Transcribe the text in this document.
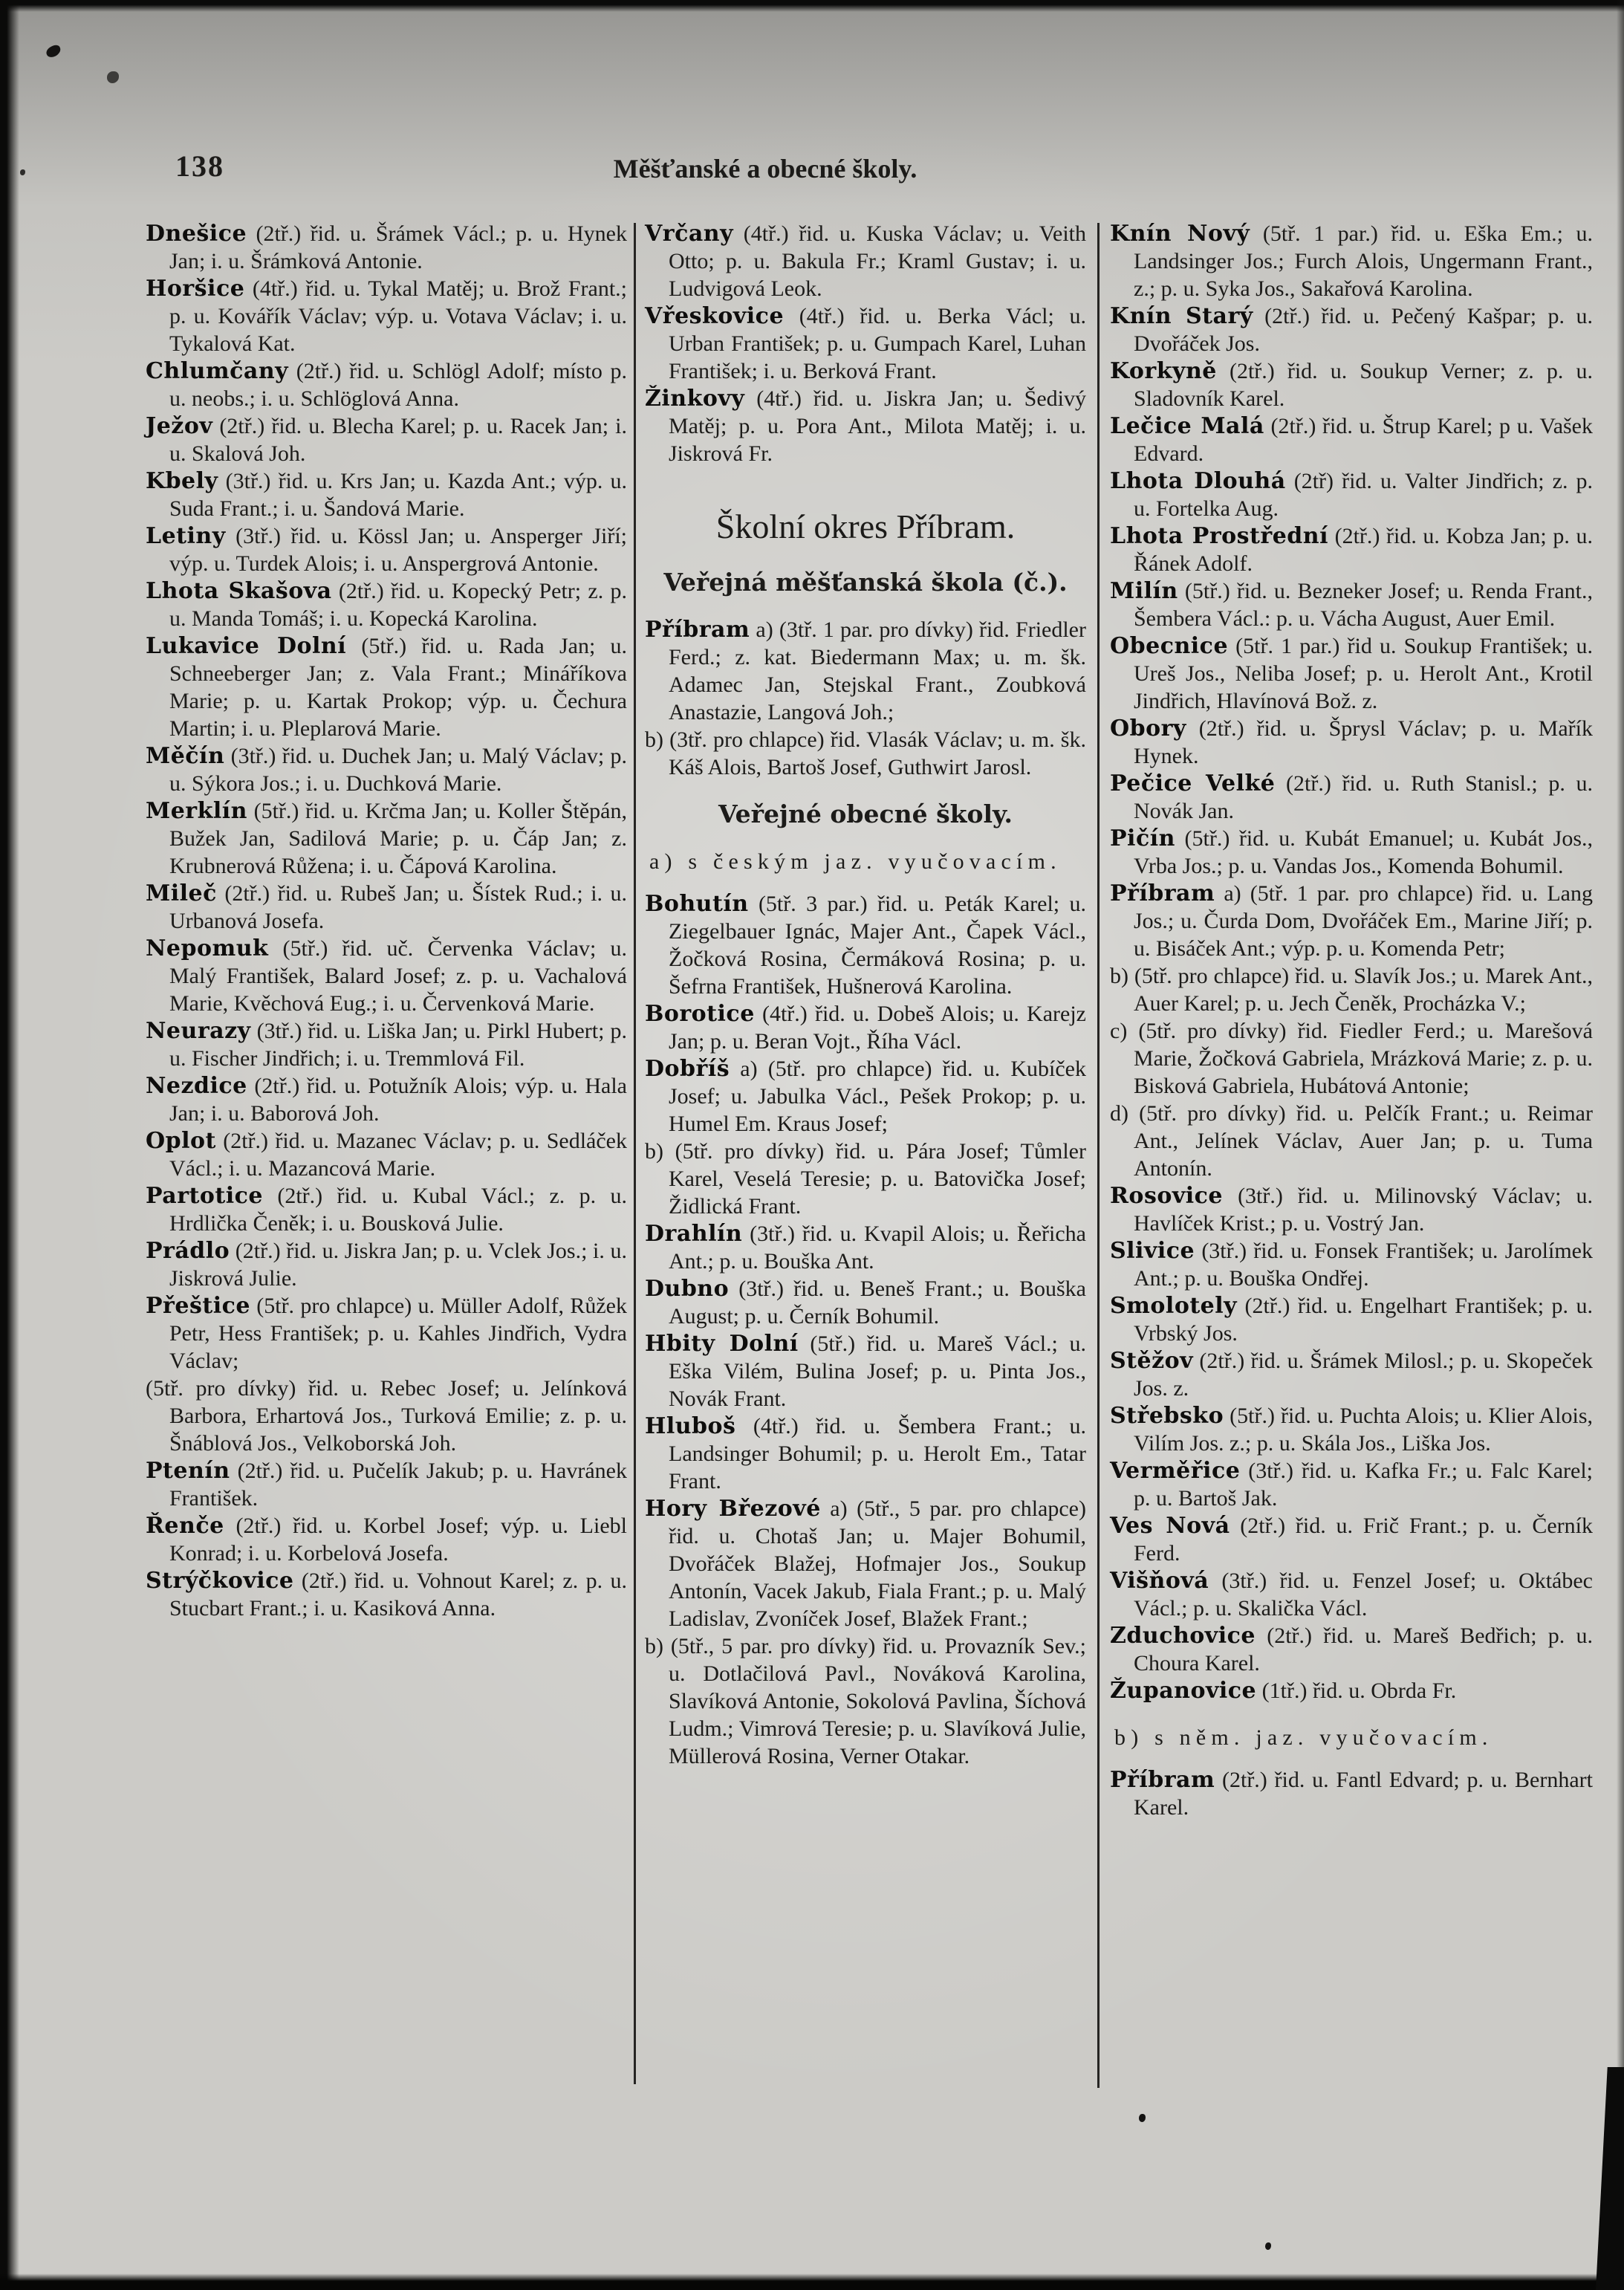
138	Měšťanské a obecné školy.

Dnešice (2tř.) řid. u. Šrámek Václ.; p. u. Hynek Jan; i. u. Šrámková Antonie.

Horšice (4tř.) řid. u. Tykal Matěj; u. Brož Frant.; p. u. Kovářík Václav; výp. u. Votava Václav; i. u. Tykalová Kat.

Chlumčany (2tř.) řid. u. Schlögl Adolf; místo p. u. neobs.; i. u. Schlöglová Anna.

Ježov (2tř.) řid. u. Blecha Karel; p. u. Racek Jan; i. u. Skalová Joh.

Kbely (3tř.) řid. u. Krs Jan; u. Kazda Ant.; výp. u. Suda Frant.; i. u. Šandová Marie.

Letiny (3tř.) řid. u. Kössl Jan; u. Ansperger Jiří; výp. u. Turdek Alois; i. u. Anspergrová Antonie.

Lhota Skašova (2tř.) řid. u. Kopecký Petr; z. p. u. Manda Tomáš; i. u. Kopecká Karolina.

Lukavice Dolní (5tř.) řid. u. Rada Jan; u. Schneeberger Jan; z. Vala Frant.; Mináříkova Marie; p. u. Kartak Prokop; výp. u. Čechura Martin; i. u. Pleplarová Marie.

Měčín (3tř.) řid. u. Duchek Jan; u. Malý Václav; p. u. Sýkora Jos.; i. u. Duchková Marie.

Merklín (5tř.) řid. u. Krčma Jan; u. Koller Štěpán, Bužek Jan, Sadilová Marie; p. u. Čáp Jan; z. Krubnerová Růžena; i. u. Čápová Karolina.

Mileč (2tř.) řid. u. Rubeš Jan; u. Šístek Rud.; i. u. Urbanová Josefa.

Nepomuk (5tř.) řid. uč. Červenka Václav; u. Malý František, Balard Josef; z. p. u. Vachalová Marie, Kvěchová Eug.; i. u. Červenková Marie.

Neurazy (3tř.) řid. u. Liška Jan; u. Pirkl Hubert; p. u. Fischer Jindřich; i. u. Tremmlová Fil.

Nezdice (2tř.) řid. u. Potužník Alois; výp. u. Hala Jan; i. u. Baborová Joh.

Oplot (2tř.) řid. u. Mazanec Václav; p. u. Sedláček Václ.; i. u. Mazancová Marie.

Partotice (2tř.) řid. u. Kubal Václ.; z. p. u. Hrdlička Čeněk; i. u. Bousková Julie.

Prádlo (2tř.) řid. u. Jiskra Jan; p. u. Vclek Jos.; i. u. Jiskrová Julie.

Přeštice (5tř. pro chlapce) u. Müller Adolf, Růžek Petr, Hess František; p. u. Kahles Jindřich, Vydra Václav;

(5tř. pro dívky) řid. u. Rebec Josef; u. Jelínková Barbora, Erhartová Jos., Turková Emilie; z. p. u. Šnáblová Jos., Velkoborská Joh.

Ptenín (2tř.) řid. u. Pučelík Jakub; p. u. Havránek František.

Řenče (2tř.) řid. u. Korbel Josef; výp. u. Liebl Konrad; i. u. Korbelová Josefa.

Strýčkovice (2tř.) řid. u. Vohnout Karel; z. p. u. Stucbart Frant.; i. u. Kasiková Anna.

Vrčany (4tř.) řid. u. Kuska Václav; u. Veith Otto; p. u. Bakula Fr.; Kraml Gustav; i. u. Ludvigová Leok.

Vřeskovice (4tř.) řid. u. Berka Václ; u. Urban František; p. u. Gumpach Karel, Luhan František; i. u. Berková Frant.

Žinkovy (4tř.) řid. u. Jiskra Jan; u. Šedivý Matěj; p. u. Pora Ant., Milota Matěj; i. u. Jiskrová Fr.

Školní okres Příbram.

Veřejná měšťanská škola (č.).

Příbram a) (3tř. 1 par. pro dívky) řid. Friedler Ferd.; z. kat. Biedermann Max; u. m. šk. Adamec Jan, Stejskal Frant., Zoubková Anastazie, Langová Joh.;

b) (3tř. pro chlapce) řid. Vlasák Václav; u. m. šk. Káš Alois, Bartoš Josef, Guthwirt Jarosl.

Veřejné obecné školy.

a) s českým jaz. vyučovacím.

Bohutín (5tř. 3 par.) řid. u. Peták Karel; u. Ziegelbauer Ignác, Majer Ant., Čapek Václ., Žočková Rosina, Čermáková Rosina; p. u. Šefrna František, Hušnerová Karolina.

Borotice (4tř.) řid. u. Dobeš Alois; u. Karejz Jan; p. u. Beran Vojt., Říha Václ.

Dobříš a) (5tř. pro chlapce) řid. u. Kubíček Josef; u. Jabulka Václ., Pešek Prokop; p. u. Humel Em. Kraus Josef;

b) (5tř. pro dívky) řid. u. Pára Josef; Tůmler Karel, Veselá Teresie; p. u. Batovička Josef; Židlická Frant.

Drahlín (3tř.) řid. u. Kvapil Alois; u. Řeřicha Ant.; p. u. Bouška Ant.

Dubno (3tř.) řid. u. Beneš Frant.; u. Bouška August; p. u. Černík Bohumil.

Hbity Dolní (5tř.) řid. u. Mareš Václ.; u. Eška Vilém, Bulina Josef; p. u. Pinta Jos., Novák Frant.

Hluboš (4tř.) řid. u. Šembera Frant.; u. Landsinger Bohumil; p. u. Herolt Em., Tatar Frant.

Hory Březové a) (5tř., 5 par. pro chlapce) řid. u. Chotaš Jan; u. Majer Bohumil, Dvořáček Blažej, Hofmajer Jos., Soukup Antonín, Vacek Jakub, Fiala Frant.; p. u. Malý Ladislav, Zvoníček Josef, Blažek Frant.;

b) (5tř., 5 par. pro dívky) řid. u. Provazník Sev.; u. Dotlačilová Pavl., Nováková Karolina, Slavíková Antonie, Sokolová Pavlina, Šíchová Ludm.; Vimrová Teresie; p. u. Slavíková Julie, Müllerová Rosina, Verner Otakar.

Knín Nový (5tř. 1 par.) řid. u. Eška Em.; u. Landsinger Jos.; Furch Alois, Ungermann Frant., z.; p. u. Syka Jos., Sakařová Karolina.

Knín Starý (2tř.) řid. u. Pečený Kašpar; p. u. Dvořáček Jos.

Korkyně (2tř.) řid. u. Soukup Verner; z. p. u. Sladovník Karel.

Lečice Malá (2tř.) řid. u. Štrup Karel; p u. Vašek Edvard.

Lhota Dlouhá (2tř) řid. u. Valter Jindřich; z. p. u. Fortelka Aug.

Lhota Prostřední (2tř.) řid. u. Kobza Jan; p. u. Řánek Adolf.

Milín (5tř.) řid. u. Bezneker Josef; u. Renda Frant., Šembera Václ.: p. u. Vácha August, Auer Emil.

Obecnice (5tř. 1 par.) řid u. Soukup František; u. Ureš Jos., Neliba Josef; p. u. Herolt Ant., Krotil Jindřich, Hlavínová Bož. z.

Obory (2tř.) řid. u. Šprysl Václav; p. u. Mařík Hynek.

Pečice Velké (2tř.) řid. u. Ruth Stanisl.; p. u. Novák Jan.

Pičín (5tř.) řid. u. Kubát Emanuel; u. Kubát Jos., Vrba Jos.; p. u. Vandas Jos., Komenda Bohumil.

Příbram a) (5tř. 1 par. pro chlapce) řid. u. Lang Jos.; u. Čurda Dom, Dvořáček Em., Marine Jiří; p. u. Bisáček Ant.; výp. p. u. Komenda Petr;

b) (5tř. pro chlapce) řid. u. Slavík Jos.; u. Marek Ant., Auer Karel; p. u. Jech Čeněk, Procházka V.;

c) (5tř. pro dívky) řid. Fiedler Ferd.; u. Marešová Marie, Žočková Gabriela, Mrázková Marie; z. p. u. Bisková Gabriela, Hubátová Antonie;

d) (5tř. pro dívky) řid. u. Pelčík Frant.; u. Reimar Ant., Jelínek Václav, Auer Jan; p. u. Tuma Antonín.

Rosovice (3tř.) řid. u. Milinovský Václav; u. Havlíček Krist.; p. u. Vostrý Jan.

Slivice (3tř.) řid. u. Fonsek František; u. Jarolímek Ant.; p. u. Bouška Ondřej.

Smolotely (2tř.) řid. u. Engelhart František; p. u. Vrbský Jos.

Stěžov (2tř.) řid. u. Šrámek Milosl.; p. u. Skopeček Jos. z.

Střebsko (5tř.) řid. u. Puchta Alois; u. Klier Alois, Vilím Jos. z.; p. u. Skála Jos., Liška Jos.

Verměřice (3tř.) řid. u. Kafka Fr.; u. Falc Karel; p. u. Bartoš Jak.

Ves Nová (2tř.) řid. u. Frič Frant.; p. u. Černík Ferd.

Višňová (3tř.) řid. u. Fenzel Josef; u. Oktábec Václ.; p. u. Skalička Václ.

Zduchovice (2tř.) řid. u. Mareš Bedřich; p. u. Choura Karel.

Županovice (1tř.) řid. u. Obrda Fr.

b) s něm. jaz. vyučovacím.

Příbram (2tř.) řid. u. Fantl Edvard; p. u. Bernhart Karel.
